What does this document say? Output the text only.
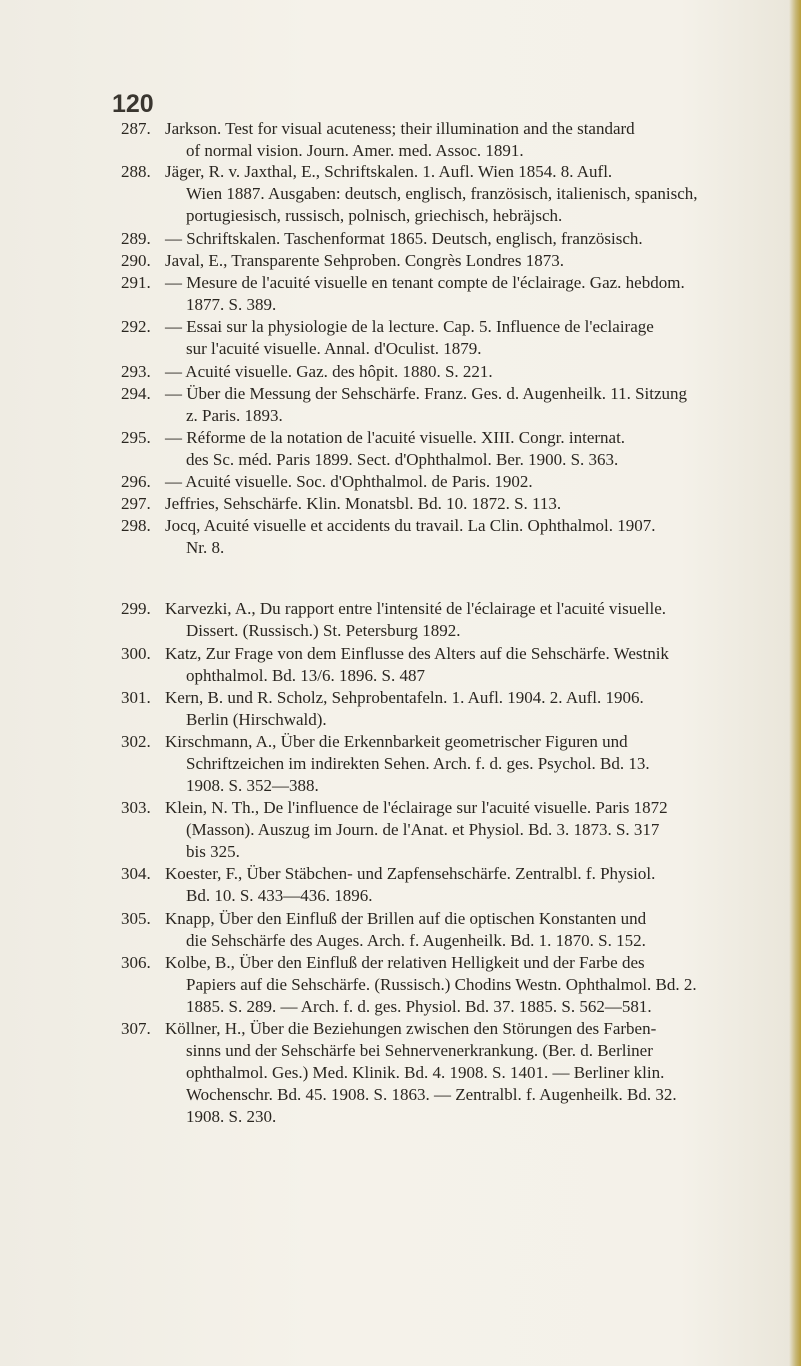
120
287. Jarkson. Test for visual acuteness; their illumination and the standard
of normal vision. Journ. Amer. med. Assoc. 1891.
288. Jäger, R. v. Jaxthal, E., Schriftskalen. 1. Aufl. Wien 1854. 8. Aufl.
Wien 1887. Ausgaben: deutsch, englisch, französisch, italienisch, spanisch,
portugiesisch, russisch, polnisch, griechisch, hebräjsch.
289. — Schriftskalen. Taschenformat 1865. Deutsch, englisch, französisch.
290. Javal, E., Transparente Sehproben. Congrès Londres 1873.
291. — Mesure de l'acuité visuelle en tenant compte de l'éclairage. Gaz. hebdom.
1877. S. 389.
292. — Essai sur la physiologie de la lecture. Cap. 5. Influence de l'eclairage
sur l'acuité visuelle. Annal. d'Oculist. 1879.
293. — Acuité visuelle. Gaz. des hôpit. 1880. S. 221.
294. — Über die Messung der Sehschärfe. Franz. Ges. d. Augenheilk. 11. Sitzung
z. Paris. 1893.
295. — Réforme de la notation de l'acuité visuelle. XIII. Congr. internat.
des Sc. méd. Paris 1899. Sect. d'Ophthalmol. Ber. 1900. S. 363.
296. — Acuité visuelle. Soc. d'Ophthalmol. de Paris. 1902.
297. Jeffries, Sehschärfe. Klin. Monatsbl. Bd. 10. 1872. S. 113.
298. Jocq, Acuité visuelle et accidents du travail. La Clin. Ophthalmol. 1907.
Nr. 8.
299. Karvezki, A., Du rapport entre l'intensité de l'éclairage et l'acuité visuelle.
Dissert. (Russisch.) St. Petersburg 1892.
300. Katz, Zur Frage von dem Einflusse des Alters auf die Sehschärfe. Westnik
ophthalmol. Bd. 13/6. 1896. S. 487
301. Kern, B. und R. Scholz, Sehprobentafeln. 1. Aufl. 1904. 2. Aufl. 1906.
Berlin (Hirschwald).
302. Kirschmann, A., Über die Erkennbarkeit geometrischer Figuren und
Schriftzeichen im indirekten Sehen. Arch. f. d. ges. Psychol. Bd. 13.
1908. S. 352—388.
303. Klein, N. Th., De l'influence de l'éclairage sur l'acuité visuelle. Paris 1872
(Masson). Auszug im Journ. de l'Anat. et Physiol. Bd. 3. 1873. S. 317
bis 325.
304. Koester, F., Über Stäbchen- und Zapfensehschärfe. Zentralbl. f. Physiol.
Bd. 10. S. 433—436. 1896.
305. Knapp, Über den Einfluß der Brillen auf die optischen Konstanten und
die Sehschärfe des Auges. Arch. f. Augenheilk. Bd. 1. 1870. S. 152.
306. Kolbe, B., Über den Einfluß der relativen Helligkeit und der Farbe des
Papiers auf die Sehschärfe. (Russisch.) Chodins Westn. Ophthalmol. Bd. 2.
1885. S. 289. — Arch. f. d. ges. Physiol. Bd. 37. 1885. S. 562—581.
307. Köllner, H., Über die Beziehungen zwischen den Störungen des Farben-
sinns und der Sehschärfe bei Sehnervenerkrankung. (Ber. d. Berliner
ophthalmol. Ges.) Med. Klinik. Bd. 4. 1908. S. 1401. — Berliner klin.
Wochenschr. Bd. 45. 1908. S. 1863. — Zentralbl. f. Augenheilk. Bd. 32.
1908. S. 230.
